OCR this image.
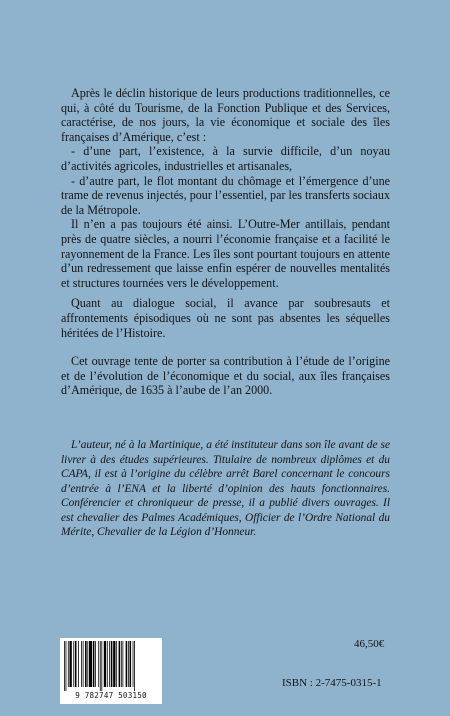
Après le déclin historique de leurs productions traditionnelles, ce qui, à côté du Tourisme, de la Fonction Publique et des Services, caractérise, de nos jours, la vie économique et sociale des îles françaises d’Amérique, c’est :

- d’une part, l’existence, à la survie difficile, d’un noyau d’activités agricoles, industrielles et artisanales,

- d’autre part, le flot montant du chômage et l’émergence d’une trame de revenus injectés, pour l’essentiel, par les transferts sociaux de la Métropole.

Il n’en a pas toujours été ainsi. L’Outre-Mer antillais, pendant près de quatre siècles, a nourri l’économie française et a facilité le rayonnement de la France. Les îles sont pourtant toujours en attente d’un redressement que laisse enfin espérer de nouvelles mentalités et structures tournées vers le développement.

Quant au dialogue social, il avance par soubresauts et affrontements épisodiques où ne sont pas absentes les séquelles héritées de l’Histoire.

Cet ouvrage tente de porter sa contribution à l’étude de l’origine et de l’évolution de l’économique et du social, aux îles françaises d’Amérique, de 1635 à l’aube de l’an 2000.

L’auteur, né à la Martinique, a été instituteur dans son île avant de se livrer à des études supérieures. Titulaire de nombreux diplômes et du CAPA, il est à l’origine du célèbre arrêt Barel concernant le concours d’entrée à l’ENA et la liberté d’opinion des hauts fonctionnaires. Conférencier et chroniqueur de presse, il a publié divers ouvrages. Il est chevalier des Palmes Académiques, Officier de l’Ordre National du Mérite, Chevalier de la Légion d’Honneur.
9 782747 503150
46,50€
ISBN : 2-7475-0315-1
